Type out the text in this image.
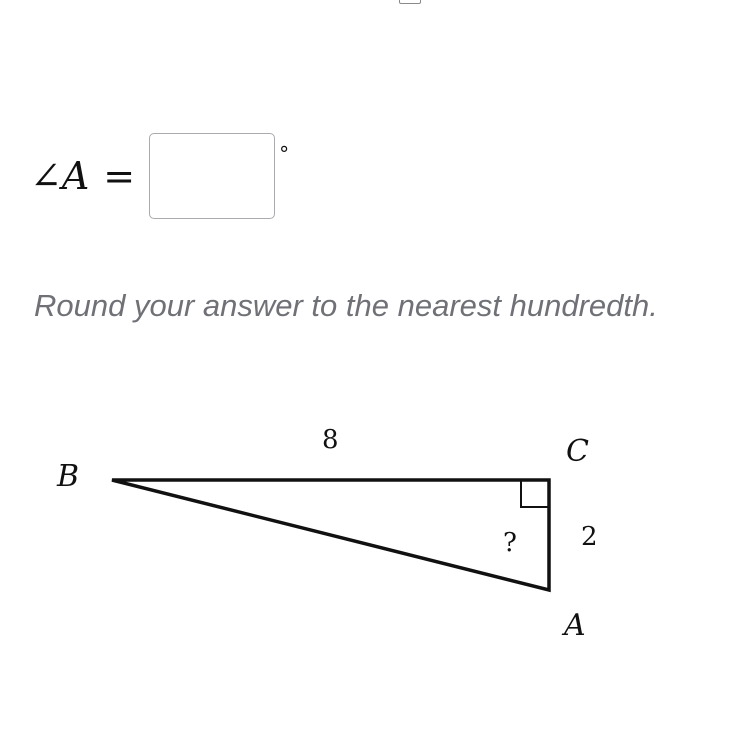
∠ A =	°

Round your answer to the nearest hundredth.

B
C
A
8
2
?
